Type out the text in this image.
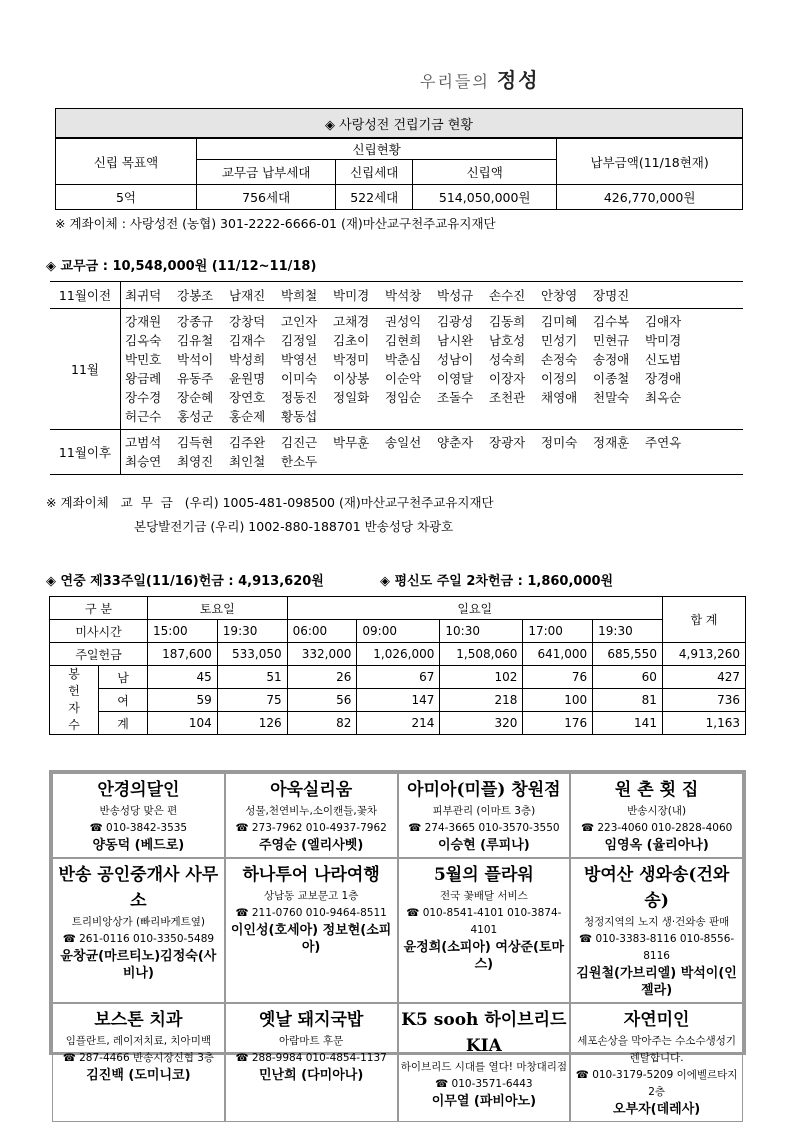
우리들의 정성
◈ 사랑성전 건립기금 현황				
신립 목표액	신립현황			납부금액(11/18현재)
	교무금 납부세대	신립세대	신립액	
5억	756세대	522세대	514,050,000원	426,770,000원
※ 계좌이체 : 사랑성전 (농협) 301-2222-6666-01 (재)마산교구천주교유지재단
◈ 교무금 : 10,548,000원 (11/12~11/18)
11월이전	최귀덕 강봉조 남재진 박희철 박미경 박석창 박성규 손수진 안창영 장명진
11월	강재원 강종규 강창덕 고인자 고채경 권성익 김광성 김동희 김미혜 김수복 김애자김옥숙 김유철 김재수 김정일 김초이 김현희 남시완 남호성 민성기 민현규 박미경박민호 박석이 박성희 박영선 박정미 박춘심 성남이 성숙희 손정숙 송정애 신도범왕금례 유동주 윤원명 이미숙 이상봉 이순악 이영달 이장자 이정의 이종철 장경애장수경 장순혜 장연호 정동진 정일화 정임순 조돌수 조천관 채영애 천말숙 최옥순허근수 홍성군 홍순제 황동섭
11월이후	고범석 김득현 김주완 김진근 박무훈 송일선 양춘자 장광자 정미숙 정재훈 주연옥최승연 최영진 최인철 한소두
※ 계좌이체   교  무  금   (우리) 1005-481-098500 (재)마산교구천주교유지재단
본당발전기금 (우리) 1002-880-188701 반송성당 차광호
◈ 연중 제33주일(11/16)헌금 : 4,913,620원	◈ 평신도 주일 2차헌금 : 1,860,000원
구 분		토요일		일요일					합 계
미사시간		15:00	19:30	06:00	09:00	10:30	17:00	19:30	
주일헌금		187,600	533,050	332,000	1,026,000	1,508,060	641,000	685,550	4,913,260
봉
헌
자
수	남	45	51	26	67	102	76	60	427
	여	59	75	56	147	218	100	81	736
	계	104	126	82	214	320	176	141	1,163
안경의달인
반송성당 맞은 편
☎ 010-3842-3535
양동덕 (베드로)
아욱실리움
성물,천연비누,소이캔들,꽃차
☎ 273-7962 010-4937-7962
주영순 (엘리사벳)
아미아(미플) 창원점
피부관리 (이마트 3층)
☎ 274-3665 010-3570-3550
이승현 (루피나)
원 촌 횟 집
반송시장(내)
☎ 223-4060 010-2828-4060
임영옥 (율리아나)
반송 공인중개사 사무소
트리비앙상가 (빠리바게트옆)
☎ 261-0116 010-3350-5489
윤창균(마르티노)김정숙(사비나)
하나투어 나라여행
상남동 교보문고 1층
☎ 211-0760 010-9464-8511
이인성(호세아) 정보현(소피아)
5월의 플라워
전국 꽃배달 서비스
☎ 010-8541-4101 010-3874-4101
윤정희(소피아) 여상준(토마스)
방여산 생와송(건와송)
청정지역의 노지 생·건와송 판매
☎ 010-3383-8116 010-8556-8116
김원철(가브리엘) 박석이(인젤라)
보스톤 치과
임플란트, 레이저치료, 치아미백
☎ 287-4466 반송시장신협 3층
김진백 (도미니코)
옛날 돼지국밥
아람마트 후문
☎ 288-9984 010-4854-1137
민난희 (다미아나)
K5 sooh 하이브리드 KIA
하이브리드 시대를 열다! 마창대리점
☎ 010-3571-6443
이무열 (파비아노)
자연미인
세포손상을 막아주는 수소수생성기 렌탈합니다.
☎ 010-3179-5209 이에벨르타지 2층
오부자(데레사)
